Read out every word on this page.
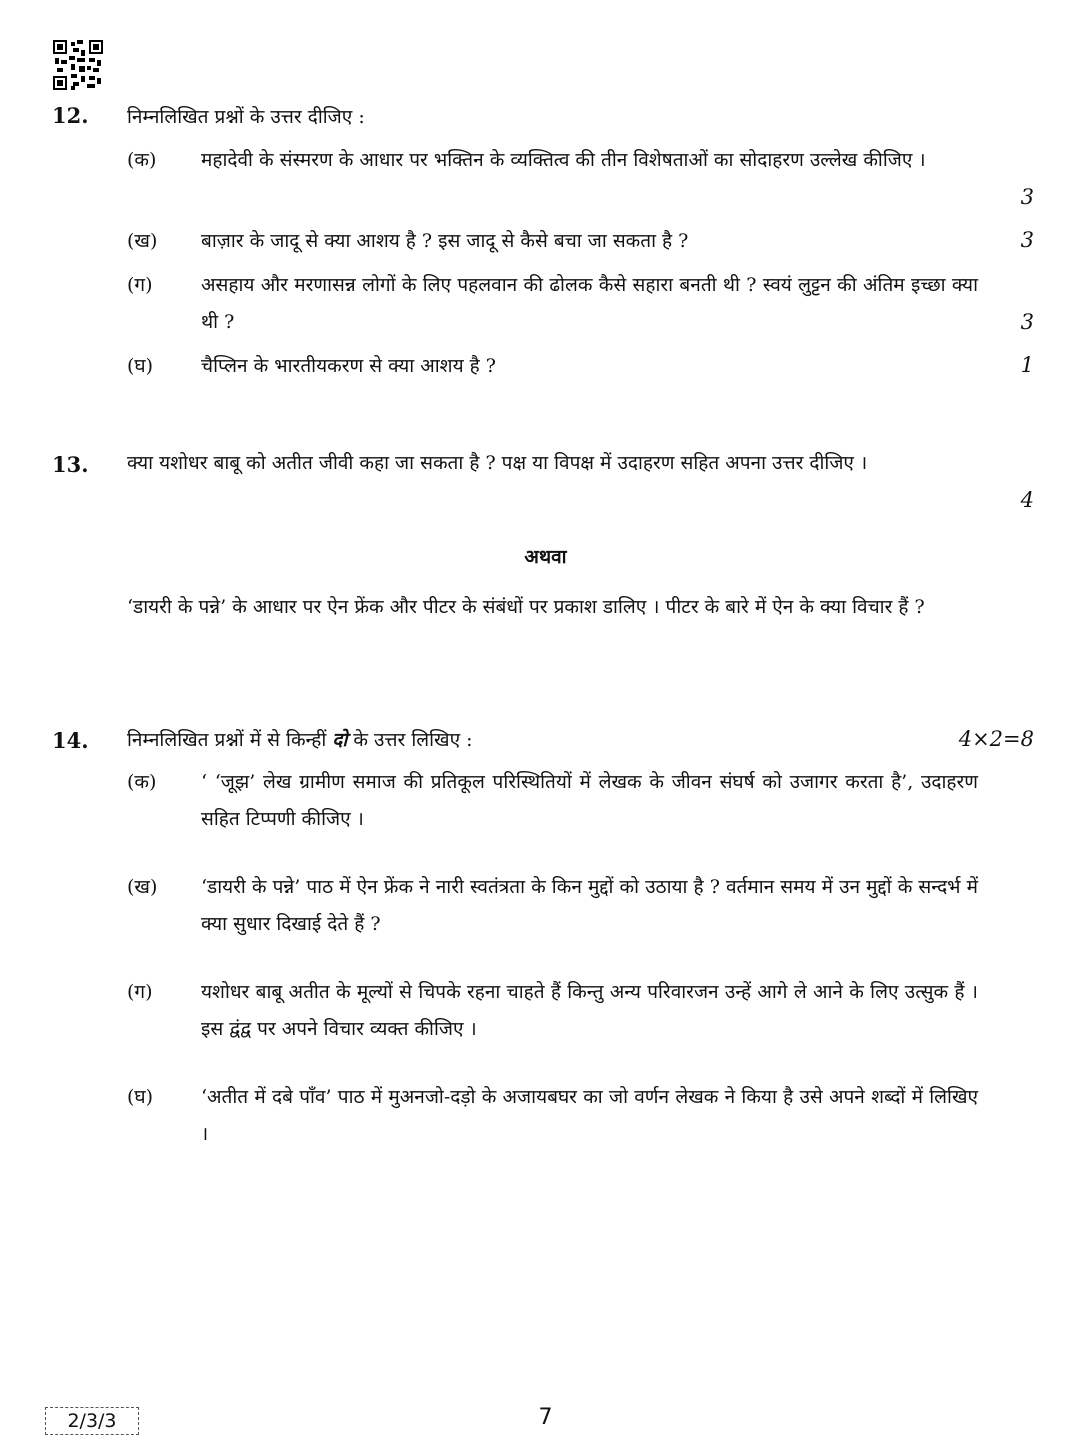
12. निम्नलिखित प्रश्नों के उत्तर दीजिए :
(क) महादेवी के संस्मरण के आधार पर भक्तिन के व्यक्तित्व की तीन विशेषताओं का सोदाहरण उल्लेख कीजिए ।
3
(ख) बाज़ार के जादू से क्या आशय है ? इस जादू से कैसे बचा जा सकता है ?	3
(ग)	असहाय और मरणासन्न लोगों के लिए पहलवान की ढोलक कैसे सहारा बनती थी ? स्वयं लुट्टन की अंतिम इच्छा क्या थी ?	3
(घ)	चैप्लिन के भारतीयकरण से क्या आशय है ?	1
13. क्या यशोधर बाबू को अतीत जीवी कहा जा सकता है ? पक्ष या विपक्ष में उदाहरण सहित अपना उत्तर दीजिए ।
4
अथवा
‘डायरी के पन्ने’ के आधार पर ऐन फ्रेंक और पीटर के संबंधों पर प्रकाश डालिए । पीटर के बारे में ऐन के क्या विचार हैं ?
14. निम्नलिखित प्रश्नों में से किन्हीं दो के उत्तर लिखिए :	4×2=8
(क) ‘ ‘जूझ’ लेख ग्रामीण समाज की प्रतिकूल परिस्थितियों में लेखक के जीवन संघर्ष को उजागर करता है’, उदाहरण सहित टिप्पणी कीजिए ।
(ख) ‘डायरी के पन्ने’ पाठ में ऐन फ्रेंक ने नारी स्वतंत्रता के किन मुद्दों को उठाया है ? वर्तमान समय में उन मुद्दों के सन्दर्भ में क्या सुधार दिखाई देते हैं ?
(ग)	यशोधर बाबू अतीत के मूल्यों से चिपके रहना चाहते हैं किन्तु अन्य परिवारजन उन्हें आगे ले आने के लिए उत्सुक हैं । इस द्वंद्व पर अपने विचार व्यक्त कीजिए ।
(घ)	‘अतीत में दबे पाँव’ पाठ में मुअनजो-दड़ो के अजायबघर का जो वर्णन लेखक ने किया है उसे अपने शब्दों में लिखिए ।
2/3/3	7
